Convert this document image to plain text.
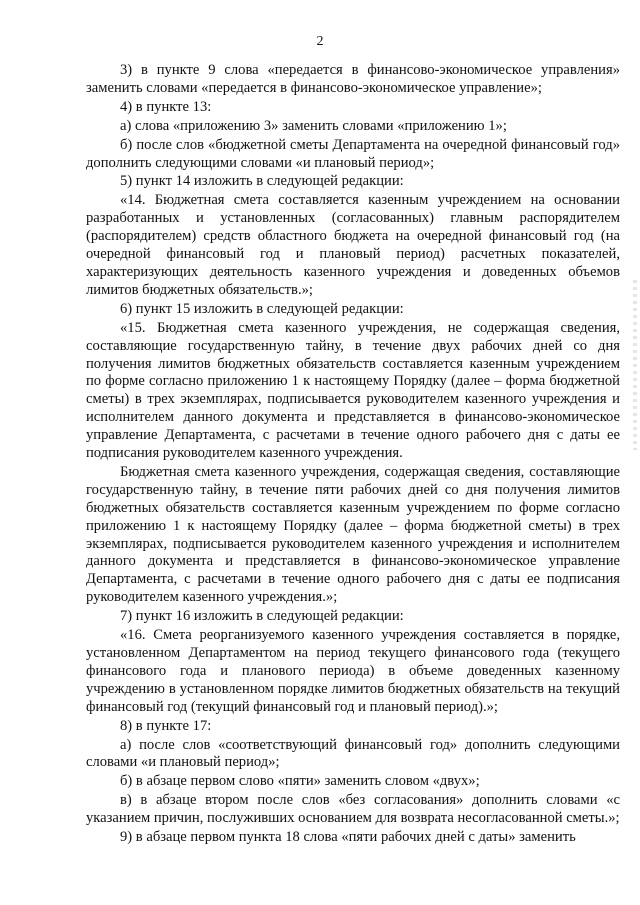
2

3) в пункте 9 слова «передается в финансово-экономическое управления» заменить словами «передается в финансово-экономическое управление»;

4) в пункте 13:

а) слова «приложению 3» заменить словами «приложению 1»;

б) после слов «бюджетной сметы Департамента на очередной финансовый год» дополнить следующими словами «и плановый период»;

5) пункт 14 изложить в следующей редакции:

«14. Бюджетная смета составляется казенным учреждением на основании разработанных и установленных (согласованных) главным распорядителем (распорядителем) средств областного бюджета на очередной финансовый год (на очередной финансовый год и плановый период) расчетных показателей, характеризующих деятельность казенного учреждения и доведенных объемов лимитов бюджетных обязательств.»;

6) пункт 15 изложить в следующей редакции:

«15. Бюджетная смета казенного учреждения, не содержащая сведения, составляющие государственную тайну, в течение двух рабочих дней со дня получения лимитов бюджетных обязательств составляется казенным учреждением по форме согласно приложению 1 к настоящему Порядку (далее – форма бюджетной сметы) в трех экземплярах, подписывается руководителем казенного учреждения и исполнителем данного документа и представляется в финансово-экономическое управление Департамента, с расчетами в течение одного рабочего дня с даты ее подписания руководителем казенного учреждения.

Бюджетная смета казенного учреждения, содержащая сведения, составляющие государственную тайну, в течение пяти рабочих дней со дня получения лимитов бюджетных обязательств составляется казенным учреждением по форме согласно приложению 1 к настоящему Порядку (далее – форма бюджетной сметы) в трех экземплярах, подписывается руководителем казенного учреждения и исполнителем данного документа и представляется в финансово-экономическое управление Департамента, с расчетами в течение одного рабочего дня с даты ее подписания руководителем казенного учреждения.»;

7) пункт 16 изложить в следующей редакции:

«16. Смета реорганизуемого казенного учреждения составляется в порядке, установленном Департаментом на период текущего финансового года (текущего финансового года и планового периода) в объеме доведенных казенному учреждению в установленном порядке лимитов бюджетных обязательств на текущий финансовый год (текущий финансовый год и плановый период).»;

8) в пункте 17:

а) после слов «соответствующий финансовый год» дополнить следующими словами «и плановый период»;

б) в абзаце первом слово «пяти» заменить словом «двух»;

в) в абзаце втором после слов «без согласования» дополнить словами «с указанием причин, послуживших основанием для возврата несогласованной сметы.»;

9) в абзаце первом пункта 18 слова «пяти рабочих дней с даты» заменить
